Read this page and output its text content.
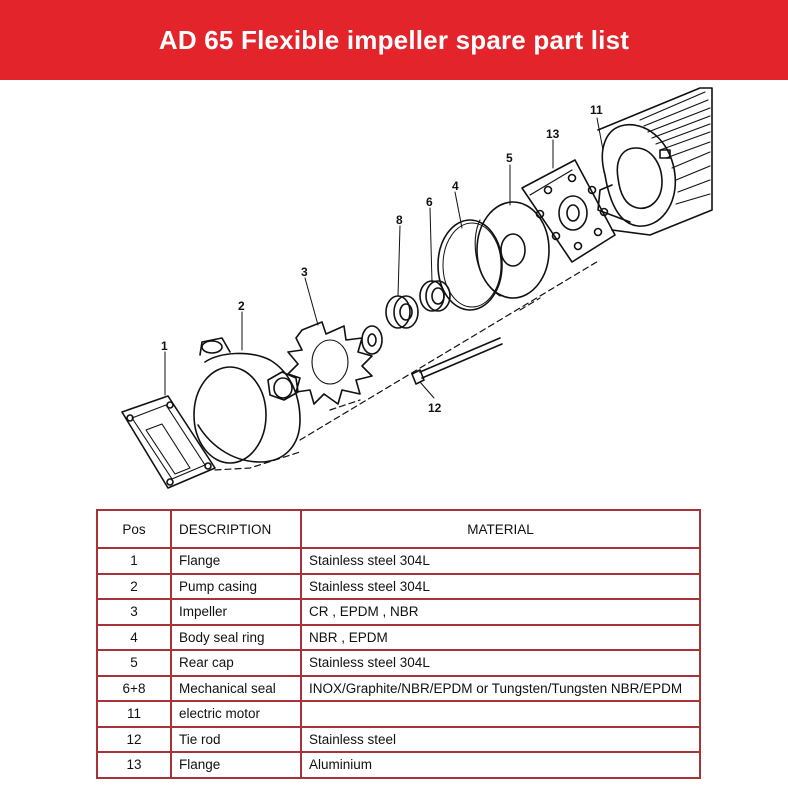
AD 65 Flexible impeller spare part list
1
2
3
4
5
6
8
11
12
13
Pos	DESCRIPTION	MATERIAL
1	Flange	Stainless steel 304L
2	Pump casing	Stainless steel 304L
3	Impeller	CR , EPDM , NBR
4	Body seal ring	NBR , EPDM
5	Rear cap	Stainless steel 304L
6+8	Mechanical seal	INOX/Graphite/NBR/EPDM or Tungsten/Tungsten NBR/EPDM
11	electric motor	
12	Tie rod	Stainless steel
13	Flange	Aluminium
